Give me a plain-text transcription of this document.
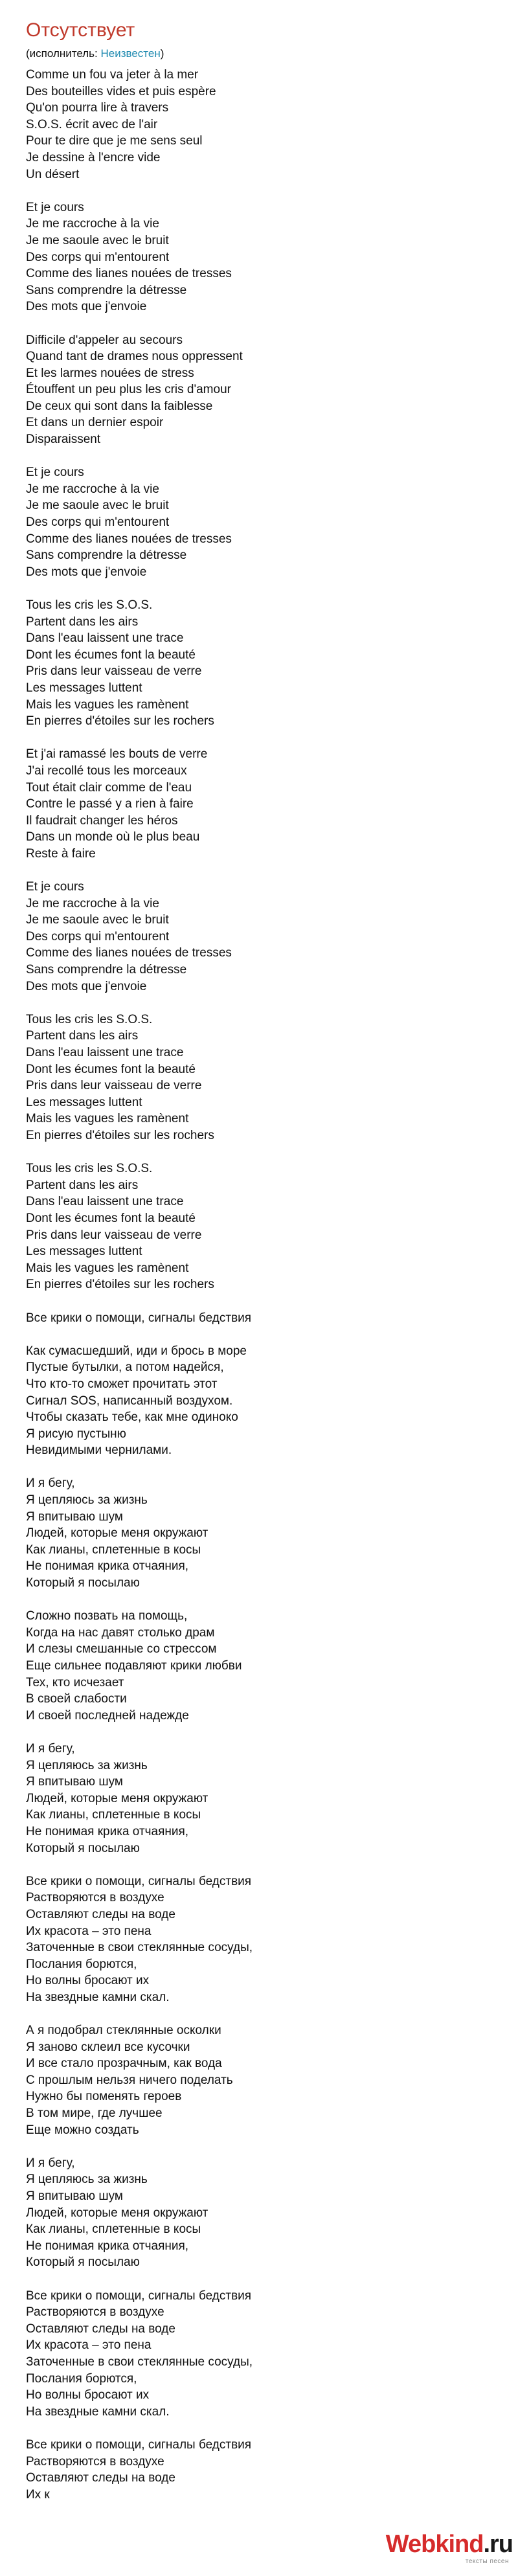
Отсутствует
(исполнитель: Неизвестен)
Comme un fou va jeter à la mer
Des bouteilles vides et puis espère
Qu'on pourra lire à travers
S.O.S. écrit avec de l'air
Pour te dire que je me sens seul
Je dessine à l'encre vide
Un désert

Et je cours
Je me raccroche à la vie
Je me saoule avec le bruit
Des corps qui m'entourent
Comme des lianes nouées de tresses
Sans comprendre la détresse
Des mots que j'envoie

Difficile d'appeler au secours
Quand tant de drames nous oppressent
Et les larmes nouées de stress
Étouffent un peu plus les cris d'amour
De ceux qui sont dans la faiblesse
Et dans un dernier espoir
Disparaissent

Et je cours
Je me raccroche à la vie
Je me saoule avec le bruit
Des corps qui m'entourent
Comme des lianes nouées de tresses
Sans comprendre la détresse
Des mots que j'envoie

Tous les cris les S.O.S.
Partent dans les airs
Dans l'eau laissent une trace
Dont les écumes font la beauté
Pris dans leur vaisseau de verre
Les messages luttent
Mais les vagues les ramènent
En pierres d'étoiles sur les rochers

Et j'ai ramassé les bouts de verre
J'ai recollé tous les morceaux
Tout était clair comme de l'eau
Contre le passé y a rien à faire
Il faudrait changer les héros
Dans un monde où le plus beau
Reste à faire

Et je cours
Je me raccroche à la vie
Je me saoule avec le bruit
Des corps qui m'entourent
Comme des lianes nouées de tresses
Sans comprendre la détresse
Des mots que j'envoie

Tous les cris les S.O.S.
Partent dans les airs
Dans l'eau laissent une trace
Dont les écumes font la beauté
Pris dans leur vaisseau de verre
Les messages luttent
Mais les vagues les ramènent
En pierres d'étoiles sur les rochers

Tous les cris les S.O.S.
Partent dans les airs
Dans l'eau laissent une trace
Dont les écumes font la beauté
Pris dans leur vaisseau de verre
Les messages luttent
Mais les vagues les ramènent
En pierres d'étoiles sur les rochers

Все крики о помощи, сигналы бедствия

Как сумасшедший, иди и брось в море
Пустые бутылки, а потом надейся,
Что кто-то сможет прочитать этот
Сигнал SOS, написанный воздухом.
Чтобы сказать тебе, как мне одиноко
Я рисую пустыню
Невидимыми чернилами.

И я бегу,
Я цепляюсь за жизнь
Я впитываю шум
Людей, которые меня окружают
Как лианы, сплетенные в косы
Не понимая крика отчаяния,
Который я посылаю

Сложно позвать на помощь,
Когда на нас давят столько драм
И слезы смешанные со стрессом
Еще сильнее подавляют крики любви
Тех, кто исчезает
В своей слабости
И своей последней надежде

И я бегу,
Я цепляюсь за жизнь
Я впитываю шум
Людей, которые меня окружают
Как лианы, сплетенные в косы
Не понимая крика отчаяния,
Который я посылаю

Все крики о помощи, сигналы бедствия
Растворяются в воздухе
Оставляют следы на воде
Их красота – это пена
Заточенные в свои стеклянные сосуды,
Послания борются,
Но волны бросают их
На звездные камни скал.

А я подобрал стеклянные осколки
Я заново склеил все кусочки
И все стало прозрачным, как вода
С прошлым нельзя ничего поделать
Нужно бы поменять героев
В том мире, где лучшее
Еще можно создать

И я бегу,
Я цепляюсь за жизнь
Я впитываю шум
Людей, которые меня окружают
Как лианы, сплетенные в косы
Не понимая крика отчаяния,
Который я посылаю

Все крики о помощи, сигналы бедствия
Растворяются в воздухе
Оставляют следы на воде
Их красота – это пена
Заточенные в свои стеклянные сосуды,
Послания борются,
Но волны бросают их
На звездные камни скал.

Все крики о помощи, сигналы бедствия
Растворяются в воздухе
Оставляют следы на воде
Их к
Webkind.ru
тексты песен
